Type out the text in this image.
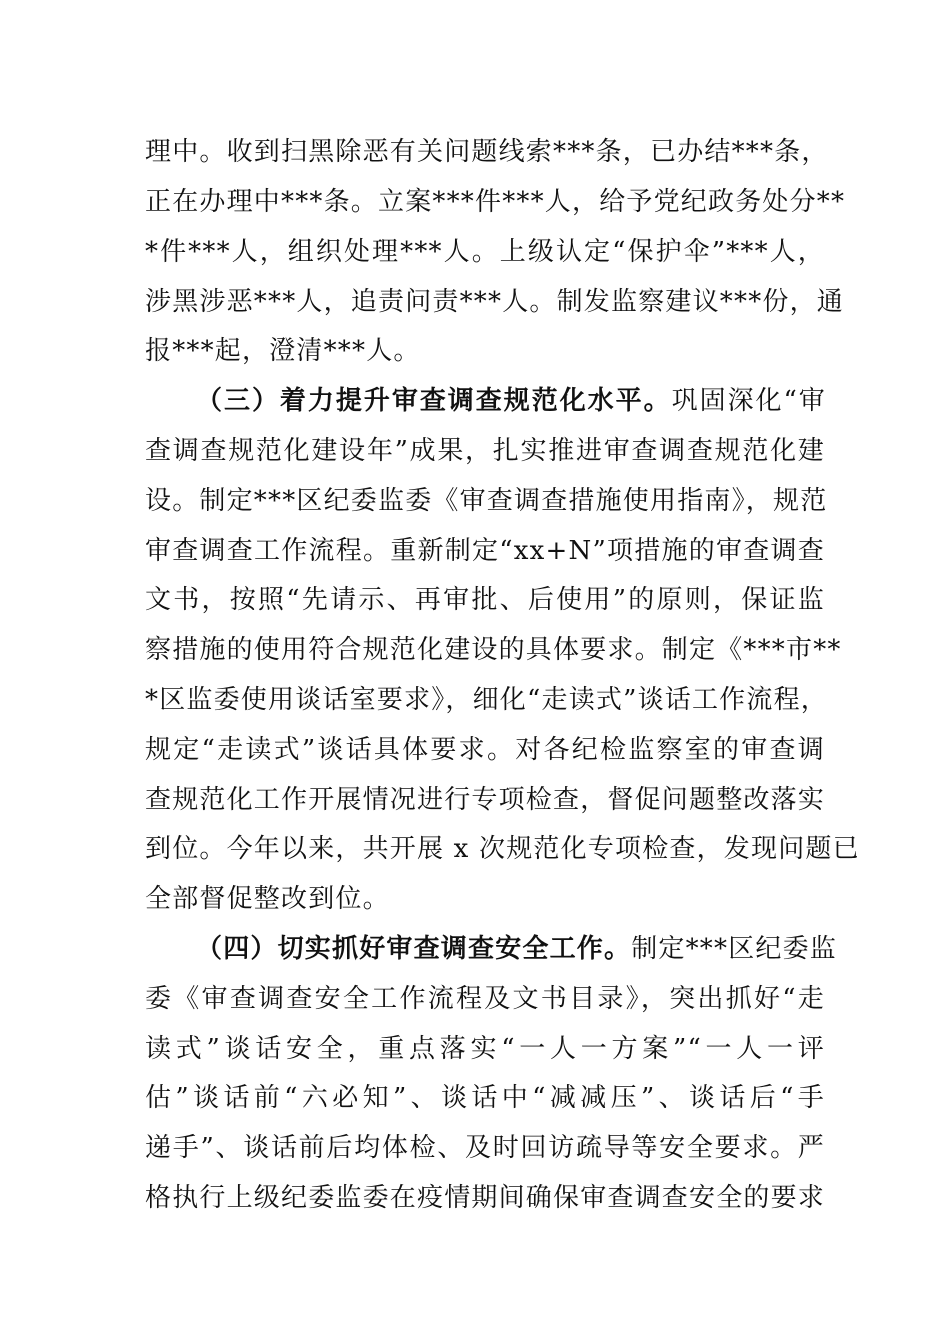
理中。收到扫黑除恶有关问题线索***条，已办结***条，
正在办理中***条。立案***件***人，给予党纪政务处分**
*件***人，组织处理***人。上级认定“保护伞”***人，
涉黑涉恶***人，追责问责***人。制发监察建议***份，通
报***起，澄清***人。
（三）着力提升审查调查规范化水平。巩固深化“审
查调查规范化建设年”成果，扎实推进审查调查规范化建
设。制定***区纪委监委《审查调查措施使用指南》，规范
审查调查工作流程。重新制定“xx+N”项措施的审查调查
文书，按照“先请示、再审批、后使用”的原则，保证监
察措施的使用符合规范化建设的具体要求。制定《***市**
*区监委使用谈话室要求》，细化“走读式”谈话工作流程，
规定“走读式”谈话具体要求。对各纪检监察室的审查调
查规范化工作开展情况进行专项检查，督促问题整改落实
到位。今年以来，共开展 x 次规范化专项检查，发现问题已
全部督促整改到位。
（四）切实抓好审查调查安全工作。制定***区纪委监
委《审查调查安全工作流程及文书目录》，突出抓好“走
读式”谈话安全，重点落实“一人一方案”“一人一评
估”谈话前“六必知”、谈话中“减减压”、谈话后“手
递手”、谈话前后均体检、及时回访疏导等安全要求。严
格执行上级纪委监委在疫情期间确保审查调查安全的要求
